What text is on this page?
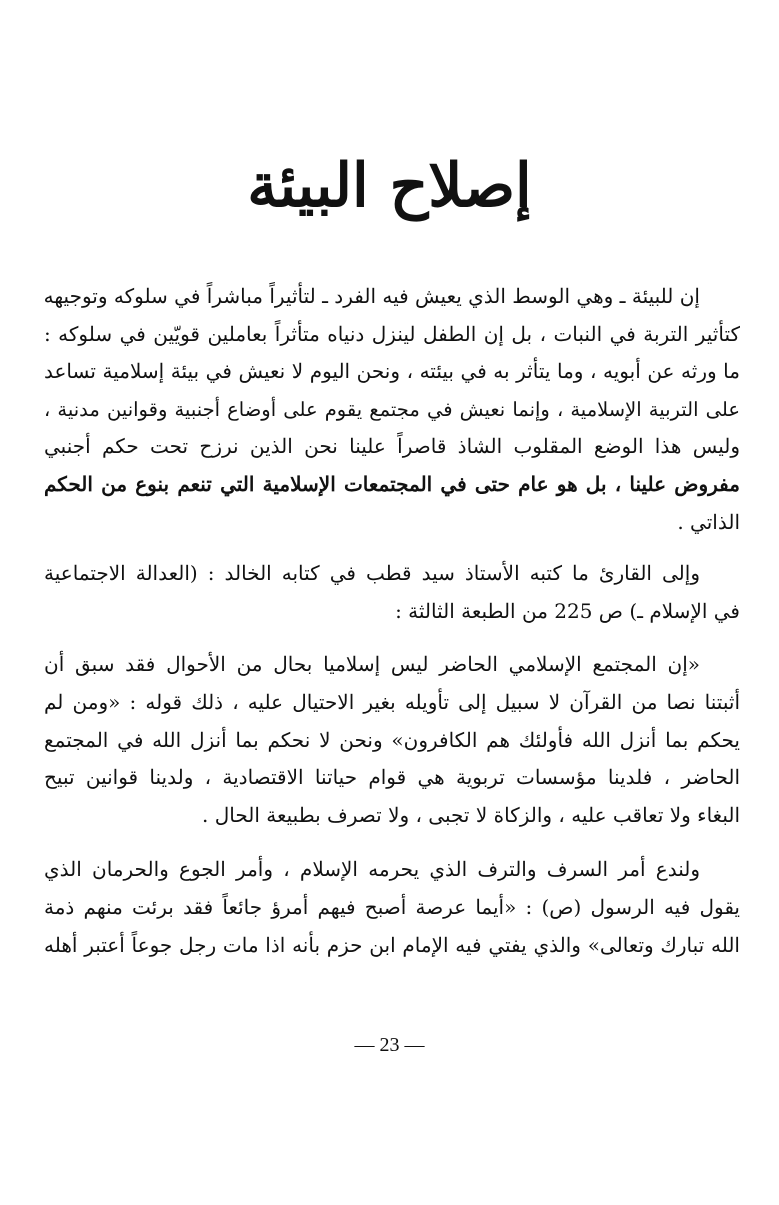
إصلاح البيئة
إن للبيئة ـ وهي الوسط الذي يعيش فيه الفرد ـ لتأثيراً مباشراً في سلوكه وتوجيهه
كتأثير التربة في النبات ، بل إن الطفل لينزل دنياه متأثراً بعاملين قويّين في سلوكه :
ما ورثه عن أبويه ، وما يتأثر به في بيئته ، ونحن اليوم لا نعيش في بيئة إسلامية تساعد
على التربية الإسلامية ، وإنما نعيش في مجتمع يقوم على أوضاع أجنبية وقوانين مدنية ،
وليس هذا الوضع المقلوب الشاذ قاصراً علينا نحن الذين نرزح تحت حكم أجنبي
مفروض علينا ، بل هو عام حتى في المجتمعات الإسلامية التي تنعم بنوع من الحكم
الذاتي .
وإلى القارئ ما كتبه الأستاذ سيد قطب في كتابه الخالد : (العدالة الاجتماعية
في الإسلام ـ) ص 225 من الطبعة الثالثة :
«إن المجتمع الإسلامي الحاضر ليس إسلاميا بحال من الأحوال فقد سبق أن
أثبتنا نصا من القرآن لا سبيل إلى تأويله بغير الاحتيال عليه ، ذلك قوله : «ومن لم
يحكم بما أنزل الله فأولئك هم الكافرون» ونحن لا نحكم بما أنزل الله في المجتمع
الحاضر ، فلدينا مؤسسات تربوية هي قوام حياتنا الاقتصادية ، ولدينا قوانين تبيح
البغاء ولا تعاقب عليه ، والزكاة لا تجبى ، ولا تصرف بطبيعة الحال .
ولندع أمر السرف والترف الذي يحرمه الإسلام ، وأمر الجوع والحرمان الذي
يقول فيه الرسول (ص) : «أيما عرصة أصبح فيهم أمرؤ جائعاً فقد برئت منهم ذمة
الله تبارك وتعالى» والذي يفتي فيه الإمام ابن حزم بأنه اذا مات رجل جوعاً أعتبر أهله
— 23 —
